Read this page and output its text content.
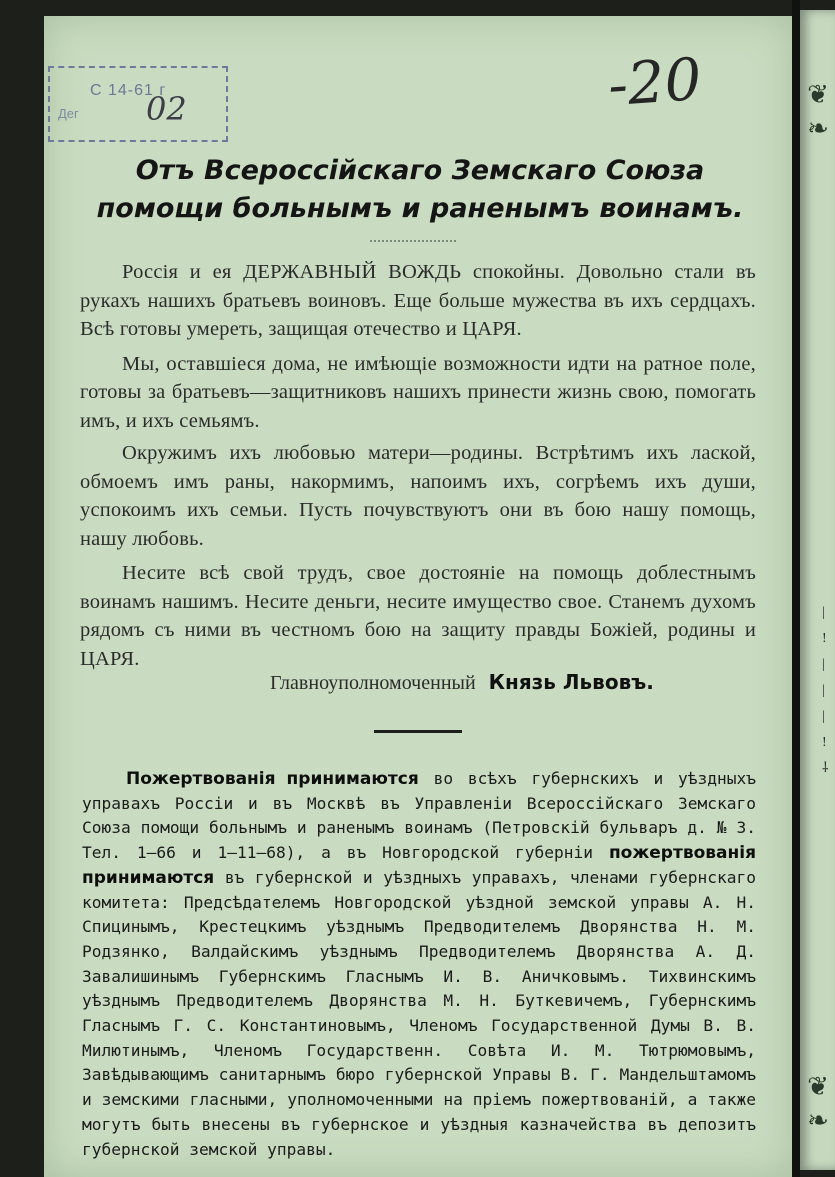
❦
❧
❦
❧
|
!
|
|
|
!
⸸
С 14-61 г
Дег 02	-20
Отъ Всероссійскаго Земскаго Союза помощи больнымъ и раненымъ воинамъ.

Россія и ея ДЕРЖАВНЫЙ ВОЖДЬ спокойны. Довольно стали въ рукахъ нашихъ братьевъ воиновъ. Еще больше мужества въ ихъ сердцахъ. Всѣ готовы умереть, защищая отечество и ЦАРЯ.

Мы, оставшіеся дома, не имѣющіе возможности идти на ратное поле, готовы за братьевъ—защитниковъ нашихъ принести жизнь свою, помогать имъ, и ихъ семьямъ.

Окружимъ ихъ любовью матери—родины. Встрѣтимъ ихъ лаской, обмоемъ имъ раны, накормимъ, напоимъ ихъ, согрѣемъ ихъ души, успокоимъ ихъ семьи. Пусть почувствуютъ они въ бою нашу помощь, нашу любовь.

Несите всѣ свой трудъ, свое достояніе на помощь доблестнымъ воинамъ нашимъ. Несите деньги, несите имущество свое. Станемъ духомъ рядомъ съ ними въ честномъ бою на защиту правды Божіей, родины и ЦАРЯ.

Главноуполномоченный Князь Львовъ.

Пожертвованія принимаются во всѣхъ губернскихъ и уѣздныхъ управахъ Россіи и въ Москвѣ въ Управленіи Всероссійскаго Земскаго Союза помощи больнымъ и раненымъ воинамъ (Петровскій бульваръ д. № 3. Тел. 1—66 и 1—11—68), а въ Новгородской губерніи пожертвованія принимаются въ губернской и уѣздныхъ управахъ, членами губернскаго комитета: Предсѣдателемъ Новгородской уѣздной земской управы А. Н. Спицинымъ, Крестецкимъ уѣзднымъ Предводителемъ Дворянства Н. М. Родзянко, Валдайскимъ уѣзднымъ Предводителемъ Дворянства А. Д. Завалишинымъ Губернскимъ Гласнымъ И. В. Аничковымъ. Тихвинскимъ уѣзднымъ Предводителемъ Дворянства М. Н. Буткевичемъ, Губернскимъ Гласнымъ Г. С. Константиновымъ, Членомъ Государственной Думы В. В. Милютинымъ, Членомъ Государственн. Совѣта И. М. Тютрюмовымъ, Завѣдывающимъ санитарнымъ бюро губернской Управы В. Г. Мандельштамомъ и земскими гласными, уполномоченными на пріемъ пожертвованій, а также могутъ быть внесены въ губернское и уѣздныя казначейства въ депозитъ губернской земской управы.
